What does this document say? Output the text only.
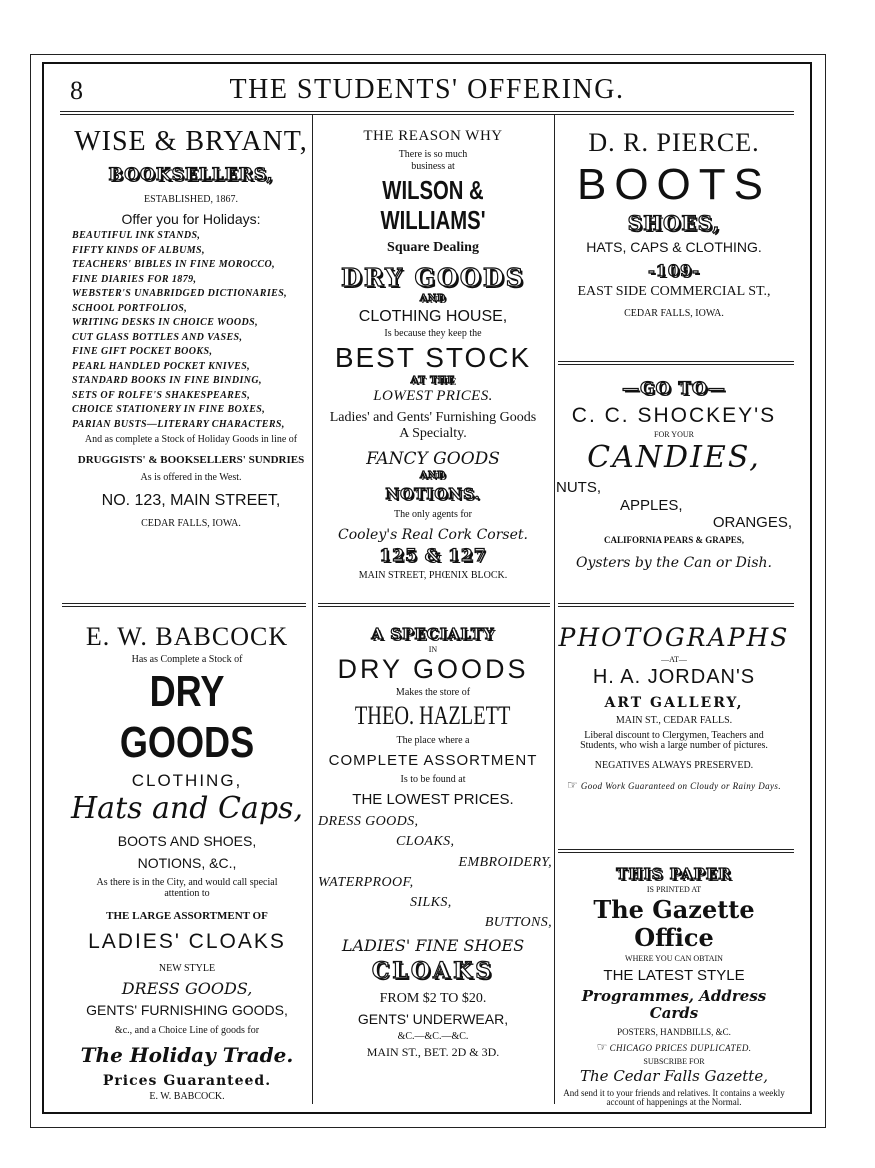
8	THE STUDENTS' OFFERING.
WISE & BRYANT,
BOOKSELLERS,
ESTABLISHED, 1867.
Offer you for Holidays:
BEAUTIFUL INK STANDS,
FIFTY KINDS OF ALBUMS,
TEACHERS' BIBLES IN FINE MOROCCO,
FINE DIARIES FOR 1879,
WEBSTER'S UNABRIDGED DICTIONARIES,
SCHOOL PORTFOLIOS,
WRITING DESKS IN CHOICE WOODS,
CUT GLASS BOTTLES AND VASES,
FINE GIFT POCKET BOOKS,
PEARL HANDLED POCKET KNIVES,
STANDARD BOOKS IN FINE BINDING,
SETS OF ROLFE'S SHAKESPEARES,
CHOICE STATIONERY IN FINE BOXES,
PARIAN BUSTS—LITERARY CHARACTERS,
And as complete a Stock of Holiday Goods in line of
DRUGGISTS' & BOOKSELLERS' SUNDRIES
As is offered in the West.
NO. 123, MAIN STREET,
CEDAR FALLS, IOWA.
THE REASON WHY
There is so much
business at
WILSON & WILLIAMS'
Square Dealing
DRY GOODS
AND
CLOTHING HOUSE,
Is because they keep the
BEST STOCK
AT THE
LOWEST PRICES.
Ladies' and Gents' Furnishing Goods
A Specialty.
FANCY GOODS
AND
NOTIONS.
The only agents for
Cooley's Real Cork Corset.
125 & 127
MAIN STREET, PHŒNIX BLOCK.
D. R. PIERCE.
BOOTS
SHOES,
HATS, CAPS & CLOTHING.
-109-
EAST SIDE COMMERCIAL ST.,
CEDAR FALLS, IOWA.
—GO TO—
C. C. SHOCKEY'S
FOR YOUR
CANDIES,
NUTS,
APPLES,
ORANGES,
CALIFORNIA PEARS & GRAPES,
Oysters by the Can or Dish.
E. W. BABCOCK
Has as Complete a Stock of
DRY GOODS
CLOTHING,
Hats and Caps,
BOOTS AND SHOES,
NOTIONS, &C.,
As there is in the City, and would call special
attention to
THE LARGE ASSORTMENT OF
LADIES' CLOAKS
NEW STYLE
DRESS GOODS,
GENTS' FURNISHING GOODS,
&c., and a Choice Line of goods for
The Holiday Trade.
Prices Guaranteed.
E. W. BABCOCK.
A SPECIALTY
IN
DRY GOODS
Makes the store of
THEO. HAZLETT
The place where a
COMPLETE ASSORTMENT
Is to be found at
THE LOWEST PRICES.
DRESS GOODS,
CLOAKS,
EMBROIDERY,
WATERPROOF,
SILKS,
BUTTONS,
LADIES' FINE SHOES
CLOAKS
FROM $2 TO $20.
GENTS' UNDERWEAR,
&C.—&C.—&C.
MAIN ST., BET. 2D & 3D.
PHOTOGRAPHS
—AT—
H. A. JORDAN'S
ART GALLERY,
MAIN ST., CEDAR FALLS.
Liberal discount to Clergymen, Teachers and Students, who wish a large number of pictures.
NEGATIVES ALWAYS PRESERVED.
☞ Good Work Guaranteed on Cloudy or Rainy Days.
THIS PAPER
IS PRINTED AT
The Gazette Office
WHERE YOU CAN OBTAIN
THE LATEST STYLE
Programmes, Address Cards
POSTERS, HANDBILLS, &C.
☞ CHICAGO PRICES DUPLICATED.
SUBSCRIBE FOR
The Cedar Falls Gazette,
And send it to your friends and relatives. It contains a weekly account of happenings at the Normal.
